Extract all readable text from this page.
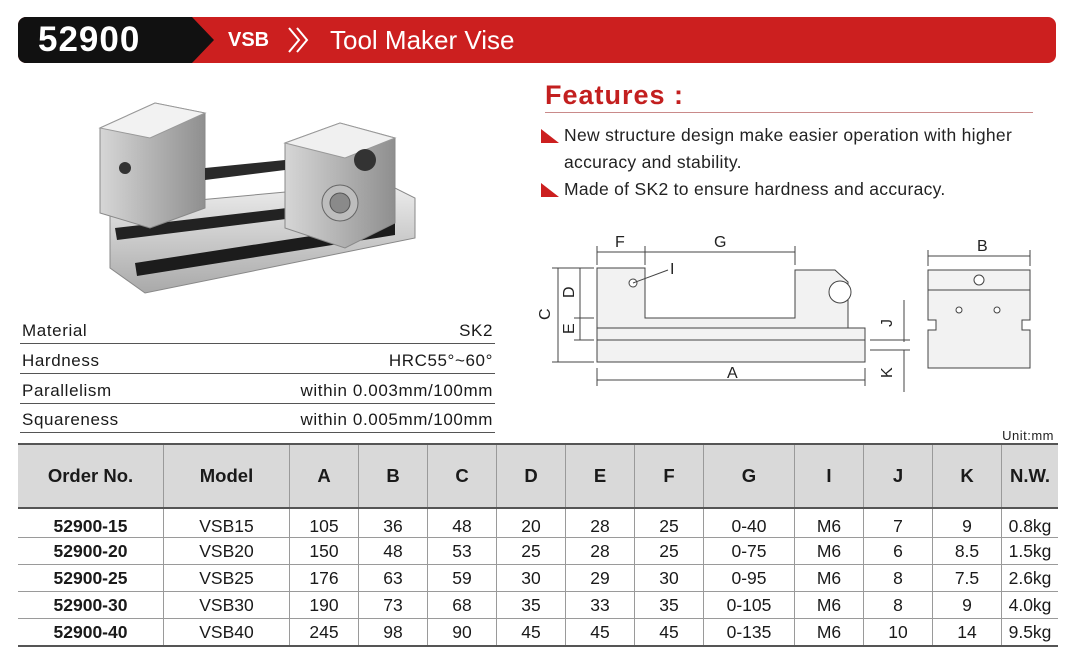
52900	VSB Tool Maker Vise
Material	SK2
Hardness	HRC55°~60°
Parallelism	within 0.003mm/100mm
Squareness	within 0.005mm/100mm
Features :
New structure design make easier operation with higher accuracy and stability.
Made of SK2 to ensure hardness and accuracy.
F	G
I
D
C
E
A
B
J
K
Unit:mm
Order No.	Model	A	B	C	D	E	F	G	I	J	K	N.W.
52900-15	VSB15	105	36	48	20	28	25	0-40	M6	7	9	0.8kg
52900-20	VSB20	150	48	53	25	28	25	0-75	M6	6	8.5	1.5kg
52900-25	VSB25	176	63	59	30	29	30	0-95	M6	8	7.5	2.6kg
52900-30	VSB30	190	73	68	35	33	35	0-105	M6	8	9	4.0kg
52900-40	VSB40	245	98	90	45	45	45	0-135	M6	10	14	9.5kg
